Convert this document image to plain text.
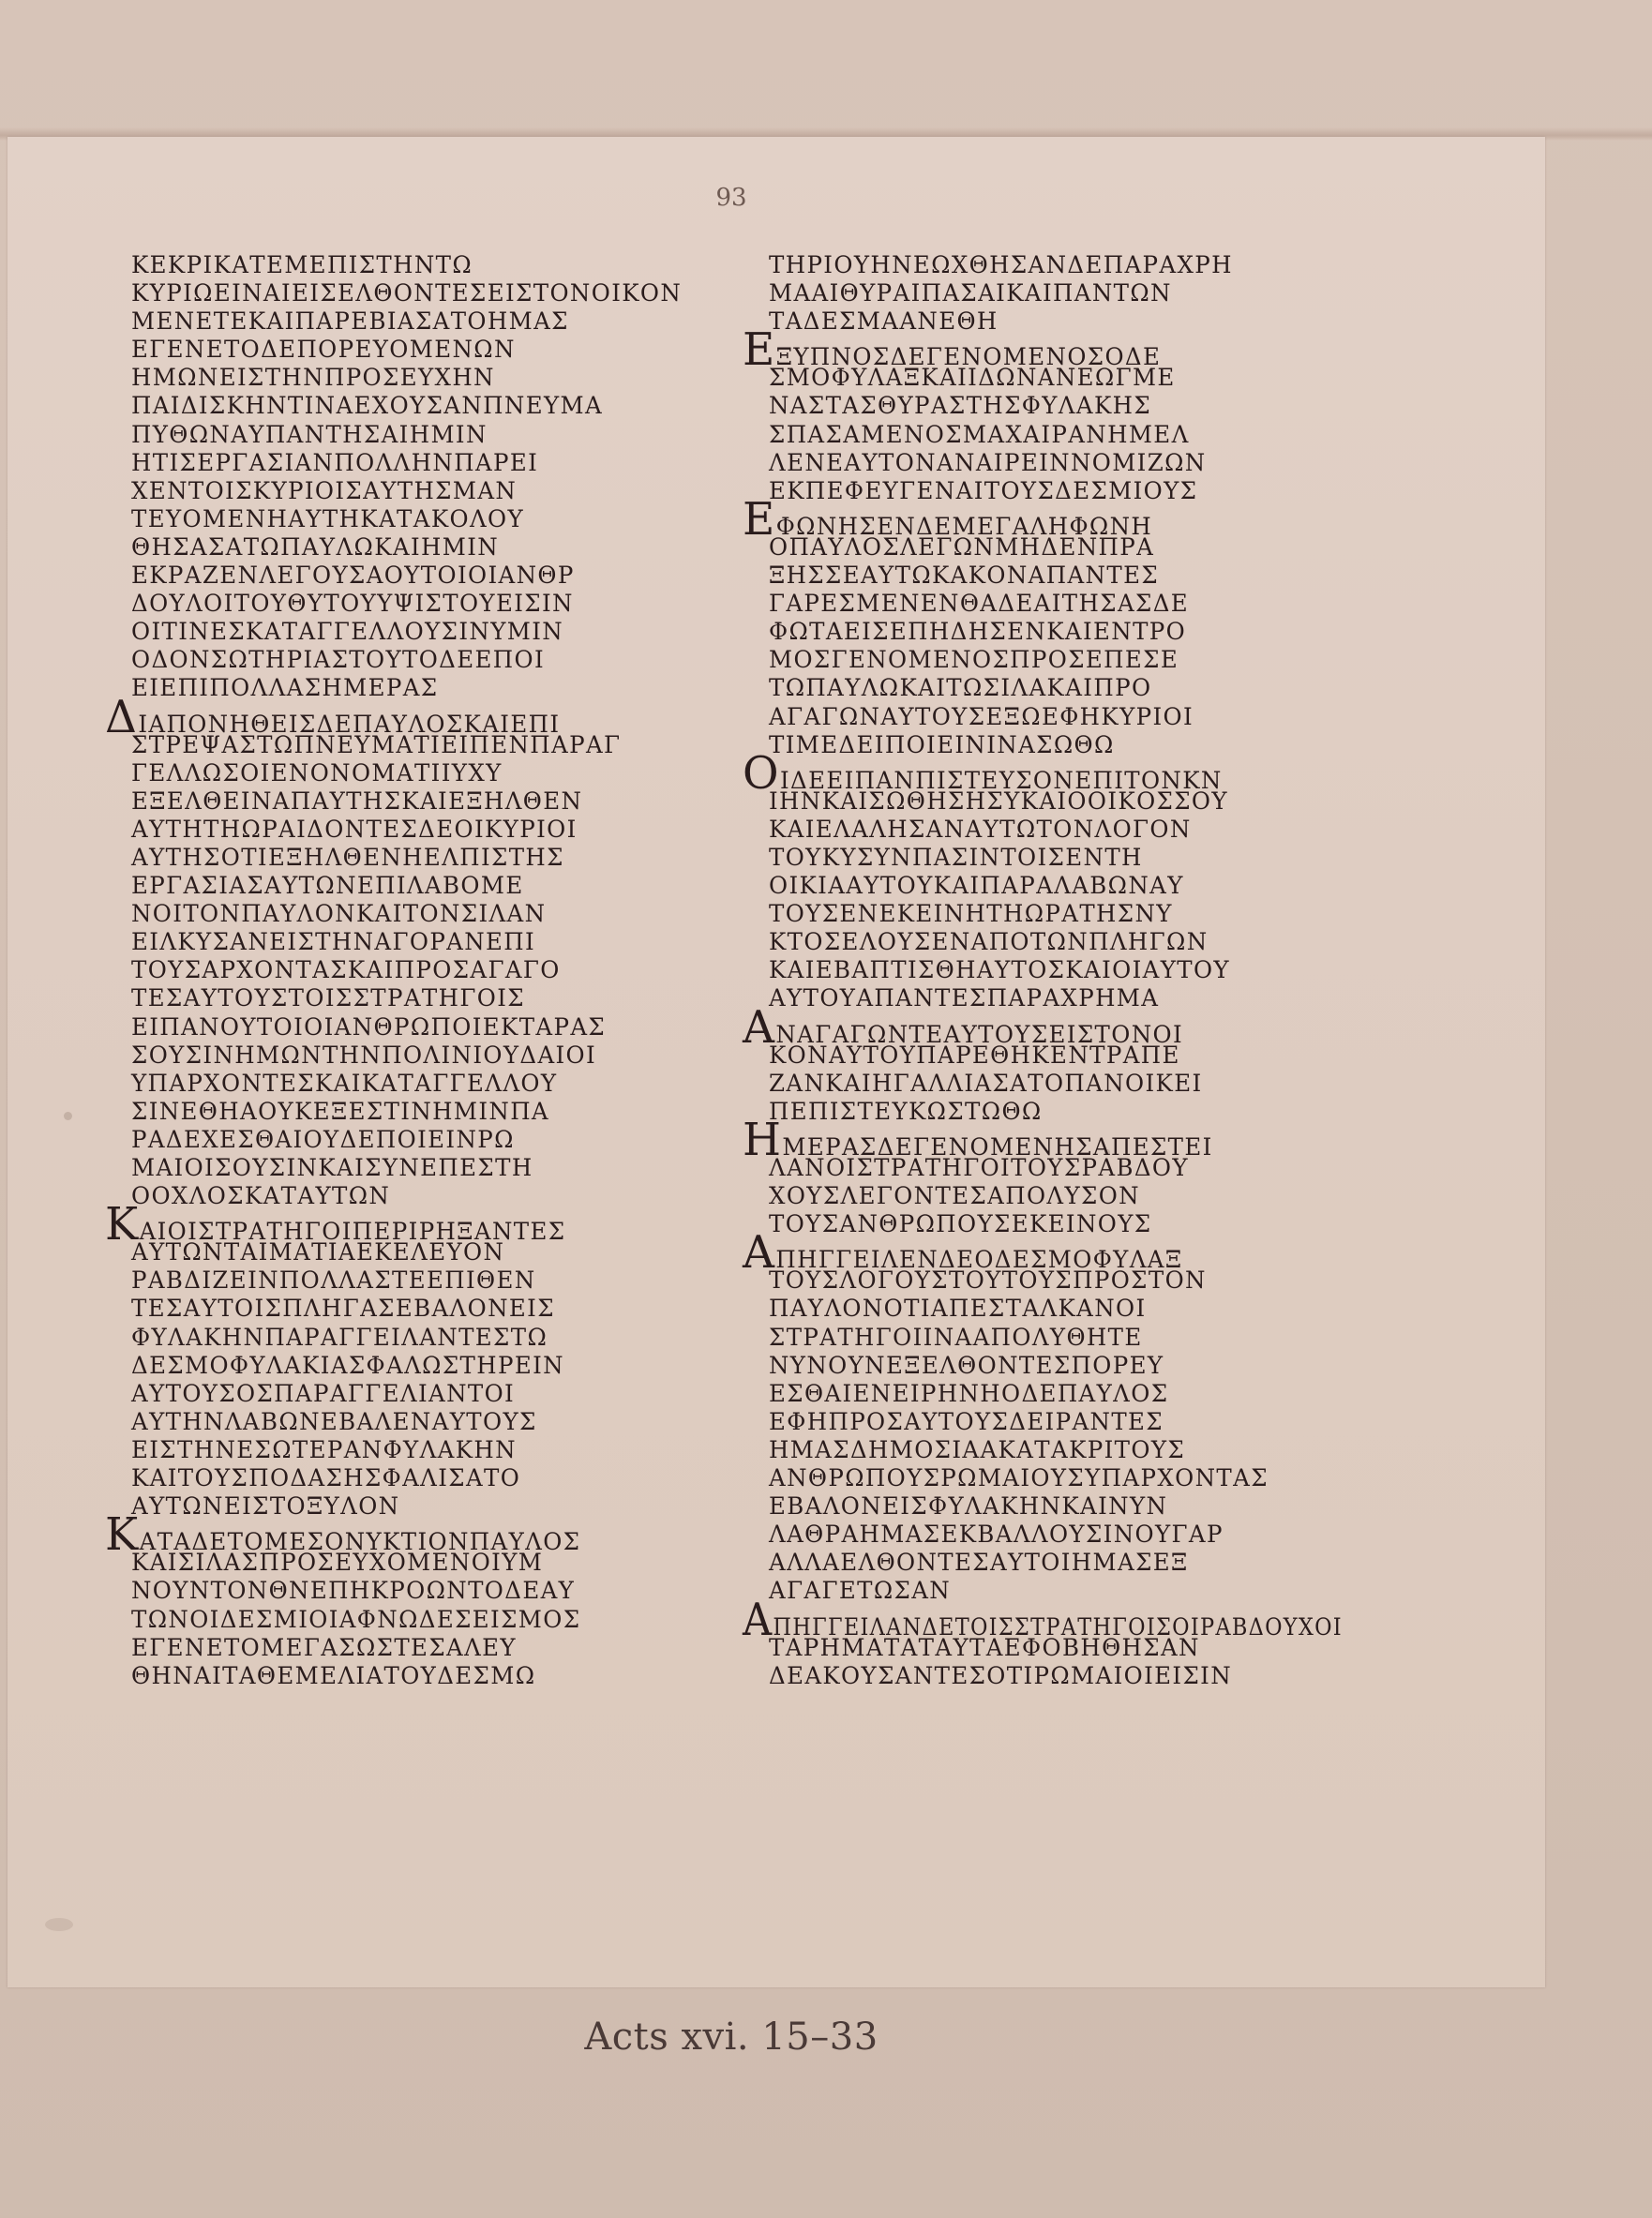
93
ΚΕΚΡΙΚΑΤΕΜΕΠΙΣΤΗΝΤΩ
ΚΥΡΙΩΕΙΝΑΙΕΙΣΕΛΘΟΝΤΕΣΕΙΣΤΟΝΟΙΚΟΝ
ΜΕΝΕΤΕΚΑΙΠΑΡΕΒΙΑΣΑΤΟΗΜΑΣ
ΕΓΕΝΕΤΟΔΕΠΟΡΕΥΟΜΕΝΩΝ
ΗΜΩΝΕΙΣΤΗΝΠΡΟΣΕΥΧΗΝ
ΠΑΙΔΙΣΚΗΝΤΙΝΑΕΧΟΥΣΑΝΠΝΕΥΜΑ
ΠΥΘΩΝΑΥΠΑΝΤΗΣΑΙΗΜΙΝ
ΗΤΙΣΕΡΓΑΣΙΑΝΠΟΛΛΗΝΠΑΡΕΙ
ΧΕΝΤΟΙΣΚΥΡΙΟΙΣΑΥΤΗΣΜΑΝ
ΤΕΥΟΜΕΝΗΑΥΤΗΚΑΤΑΚΟΛΟΥ
ΘΗΣΑΣΑΤΩΠΑΥΛΩΚΑΙΗΜΙΝ
ΕΚΡΑΖΕΝΛΕΓΟΥΣΑΟΥΤΟΙΟΙΑΝΘΡ
ΔΟΥΛΟΙΤΟΥΘΥΤΟΥΥΨΙΣΤΟΥΕΙΣΙΝ
ΟΙΤΙΝΕΣΚΑΤΑΓΓΕΛΛΟΥΣΙΝΥΜΙΝ
ΟΔΟΝΣΩΤΗΡΙΑΣΤΟΥΤΟΔΕΕΠΟΙ
ΕΙΕΠΙΠΟΛΛΑΣΗΜΕΡΑΣ
ΔΙΑΠΟΝΗΘΕΙΣΔΕΠΑΥΛΟΣΚΑΙΕΠΙ
ΣΤΡΕΨΑΣΤΩΠΝΕΥΜΑΤΙΕΙΠΕΝΠΑΡΑΓ
ΓΕΛΛΩΣΟΙΕΝΟΝΟΜΑΤΙΙΥΧΥ
ΕΞΕΛΘΕΙΝΑΠΑΥΤΗΣΚΑΙΕΞΗΛΘΕΝ
ΑΥΤΗΤΗΩΡΑΙΔΟΝΤΕΣΔΕΟΙΚΥΡΙΟΙ
ΑΥΤΗΣΟΤΙΕΞΗΛΘΕΝΗΕΛΠΙΣΤΗΣ
ΕΡΓΑΣΙΑΣΑΥΤΩΝΕΠΙΛΑΒΟΜΕ
ΝΟΙΤΟΝΠΑΥΛΟΝΚΑΙΤΟΝΣΙΛΑΝ
ΕΙΛΚΥΣΑΝΕΙΣΤΗΝΑΓΟΡΑΝΕΠΙ
ΤΟΥΣΑΡΧΟΝΤΑΣΚΑΙΠΡΟΣΑΓΑΓΟ
ΤΕΣΑΥΤΟΥΣΤΟΙΣΣΤΡΑΤΗΓΟΙΣ
ΕΙΠΑΝΟΥΤΟΙΟΙΑΝΘΡΩΠΟΙΕΚΤΑΡΑΣ
ΣΟΥΣΙΝΗΜΩΝΤΗΝΠΟΛΙΝΙΟΥΔΑΙΟΙ
ΥΠΑΡΧΟΝΤΕΣΚΑΙΚΑΤΑΓΓΕΛΛΟΥ
ΣΙΝΕΘΗΑΟΥΚΕΞΕΣΤΙΝΗΜΙΝΠΑ
ΡΑΔΕΧΕΣΘΑΙΟΥΔΕΠΟΙΕΙΝΡΩ
ΜΑΙΟΙΣΟΥΣΙΝΚΑΙΣΥΝΕΠΕΣΤΗ
ΟΟΧΛΟΣΚΑΤΑΥΤΩΝ
ΚΑΙΟΙΣΤΡΑΤΗΓΟΙΠΕΡΙΡΗΞΑΝΤΕΣ
ΑΥΤΩΝΤΑΙΜΑΤΙΑΕΚΕΛΕΥΟΝ
ΡΑΒΔΙΖΕΙΝΠΟΛΛΑΣΤΕΕΠΙΘΕΝ
ΤΕΣΑΥΤΟΙΣΠΛΗΓΑΣΕΒΑΛΟΝΕΙΣ
ΦΥΛΑΚΗΝΠΑΡΑΓΓΕΙΛΑΝΤΕΣΤΩ
ΔΕΣΜΟΦΥΛΑΚΙΑΣΦΑΛΩΣΤΗΡΕΙΝ
ΑΥΤΟΥΣΟΣΠΑΡΑΓΓΕΛΙΑΝΤΟΙ
ΑΥΤΗΝΛΑΒΩΝΕΒΑΛΕΝΑΥΤΟΥΣ
ΕΙΣΤΗΝΕΣΩΤΕΡΑΝΦΥΛΑΚΗΝ
ΚΑΙΤΟΥΣΠΟΔΑΣΗΣΦΑΛΙΣΑΤΟ
ΑΥΤΩΝΕΙΣΤΟΞΥΛΟΝ
ΚΑΤΑΔΕΤΟΜΕΣΟΝΥΚΤΙΟΝΠΑΥΛΟΣ
ΚΑΙΣΙΛΑΣΠΡΟΣΕΥΧΟΜΕΝΟΙΥΜ
ΝΟΥΝΤΟΝΘΝΕΠΗΚΡΟΩΝΤΟΔΕΑΥ
ΤΩΝΟΙΔΕΣΜΙΟΙΑΦΝΩΔΕΣΕΙΣΜΟΣ
ΕΓΕΝΕΤΟΜΕΓΑΣΩΣΤΕΣΑΛΕΥ
ΘΗΝΑΙΤΑΘΕΜΕΛΙΑΤΟΥΔΕΣΜΩ
ΤΗΡΙΟΥΗΝΕΩΧΘΗΣΑΝΔΕΠΑΡΑΧΡΗ
ΜΑΑΙΘΥΡΑΙΠΑΣΑΙΚΑΙΠΑΝΤΩΝ
ΤΑΔΕΣΜΑΑΝΕΘΗ
ΕΞΥΠΝΟΣΔΕΓΕΝΟΜΕΝΟΣΟΔΕ
ΣΜΟΦΥΛΑΞΚΑΙΙΔΩΝΑΝΕΩΓΜΕ
ΝΑΣΤΑΣΘΥΡΑΣΤΗΣΦΥΛΑΚΗΣ
ΣΠΑΣΑΜΕΝΟΣΜΑΧΑΙΡΑΝΗΜΕΛ
ΛΕΝΕΑΥΤΟΝΑΝΑΙΡΕΙΝΝΟΜΙΖΩΝ
ΕΚΠΕΦΕΥΓΕΝΑΙΤΟΥΣΔΕΣΜΙΟΥΣ
ΕΦΩΝΗΣΕΝΔΕΜΕΓΑΛΗΦΩΝΗ
ΟΠΑΥΛΟΣΛΕΓΩΝΜΗΔΕΝΠΡΑ
ΞΗΣΣΕΑΥΤΩΚΑΚΟΝΑΠΑΝΤΕΣ
ΓΑΡΕΣΜΕΝΕΝΘΑΔΕΑΙΤΗΣΑΣΔΕ
ΦΩΤΑΕΙΣΕΠΗΔΗΣΕΝΚΑΙΕΝΤΡΟ
ΜΟΣΓΕΝΟΜΕΝΟΣΠΡΟΣΕΠΕΣΕ
ΤΩΠΑΥΛΩΚΑΙΤΩΣΙΛΑΚΑΙΠΡΟ
ΑΓΑΓΩΝΑΥΤΟΥΣΕΞΩΕΦΗΚΥΡΙΟΙ
ΤΙΜΕΔΕΙΠΟΙΕΙΝΙΝΑΣΩΘΩ
ΟΙΔΕΕΙΠΑΝΠΙΣΤΕΥΣΟΝΕΠΙΤΟΝΚΝ
ΙΗΝΚΑΙΣΩΘΗΣΗΣΥΚΑΙΟΟΙΚΟΣΣΟΥ
ΚΑΙΕΛΑΛΗΣΑΝΑΥΤΩΤΟΝΛΟΓΟΝ
ΤΟΥΚΥΣΥΝΠΑΣΙΝΤΟΙΣΕΝΤΗ
ΟΙΚΙΑΑΥΤΟΥΚΑΙΠΑΡΑΛΑΒΩΝΑΥ
ΤΟΥΣΕΝΕΚΕΙΝΗΤΗΩΡΑΤΗΣΝΥ
ΚΤΟΣΕΛΟΥΣΕΝΑΠΟΤΩΝΠΛΗΓΩΝ
ΚΑΙΕΒΑΠΤΙΣΘΗΑΥΤΟΣΚΑΙΟΙΑΥΤΟΥ
ΑΥΤΟΥΑΠΑΝΤΕΣΠΑΡΑΧΡΗΜΑ
ΑΝΑΓΑΓΩΝΤΕΑΥΤΟΥΣΕΙΣΤΟΝΟΙ
ΚΟΝΑΥΤΟΥΠΑΡΕΘΗΚΕΝΤΡΑΠΕ
ΖΑΝΚΑΙΗΓΑΛΛΙΑΣΑΤΟΠΑΝΟΙΚΕΙ
ΠΕΠΙΣΤΕΥΚΩΣΤΩΘΩ
ΗΜΕΡΑΣΔΕΓΕΝΟΜΕΝΗΣΑΠΕΣΤΕΙ
ΛΑΝΟΙΣΤΡΑΤΗΓΟΙΤΟΥΣΡΑΒΔΟΥ
ΧΟΥΣΛΕΓΟΝΤΕΣΑΠΟΛΥΣΟΝ
ΤΟΥΣΑΝΘΡΩΠΟΥΣΕΚΕΙΝΟΥΣ
ΑΠΗΓΓΕΙΛΕΝΔΕΟΔΕΣΜΟΦΥΛΑΞ
ΤΟΥΣΛΟΓΟΥΣΤΟΥΤΟΥΣΠΡΟΣΤΟΝ
ΠΑΥΛΟΝΟΤΙΑΠΕΣΤΑΛΚΑΝΟΙ
ΣΤΡΑΤΗΓΟΙΙΝΑΑΠΟΛΥΘΗΤΕ
ΝΥΝΟΥΝΕΞΕΛΘΟΝΤΕΣΠΟΡΕΥ
ΕΣΘΑΙΕΝΕΙΡΗΝΗΟΔΕΠΑΥΛΟΣ
ΕΦΗΠΡΟΣΑΥΤΟΥΣΔΕΙΡΑΝΤΕΣ
ΗΜΑΣΔΗΜΟΣΙΑΑΚΑΤΑΚΡΙΤΟΥΣ
ΑΝΘΡΩΠΟΥΣΡΩΜΑΙΟΥΣΥΠΑΡΧΟΝΤΑΣ
ΕΒΑΛΟΝΕΙΣΦΥΛΑΚΗΝΚΑΙΝΥΝ
ΛΑΘΡΑΗΜΑΣΕΚΒΑΛΛΟΥΣΙΝΟΥΓΑΡ
ΑΛΛΑΕΛΘΟΝΤΕΣΑΥΤΟΙΗΜΑΣΕΞ
ΑΓΑΓΕΤΩΣΑΝ
ΑΠΗΓΓΕΙΛΑΝΔΕΤΟΙΣΣΤΡΑΤΗΓΟΙΣΟΙΡΑΒΔΟΥΧΟΙ
ΤΑΡΗΜΑΤΑΤΑΥΤΑΕΦΟΒΗΘΗΣΑΝ
ΔΕΑΚΟΥΣΑΝΤΕΣΟΤΙΡΩΜΑΙΟΙΕΙΣΙΝ
Acts xvi. 15–33
